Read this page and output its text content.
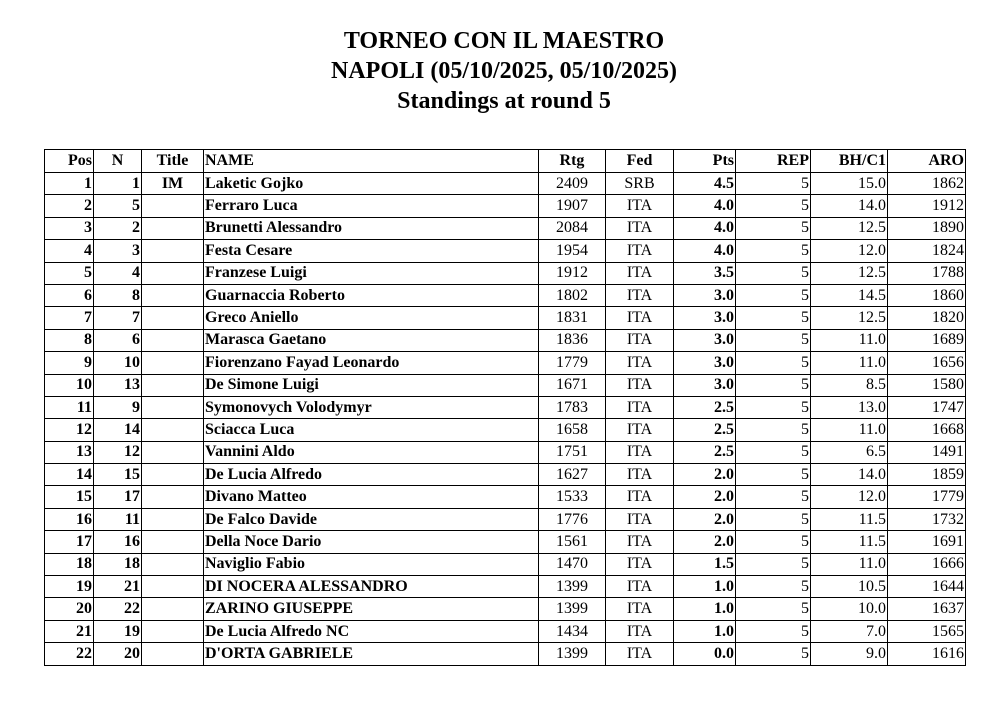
TORNEO CON IL MAESTRO
NAPOLI (05/10/2025, 05/10/2025)
Standings at round 5
Pos	N	Title	NAME	Rtg	Fed	Pts	REP	BH/C1	ARO
1	1	IM	Laketic Gojko	2409	SRB	4.5	5	15.0	1862
2	5		Ferraro Luca	1907	ITA	4.0	5	14.0	1912
3	2		Brunetti Alessandro	2084	ITA	4.0	5	12.5	1890
4	3		Festa Cesare	1954	ITA	4.0	5	12.0	1824
5	4		Franzese Luigi	1912	ITA	3.5	5	12.5	1788
6	8		Guarnaccia Roberto	1802	ITA	3.0	5	14.5	1860
7	7		Greco Aniello	1831	ITA	3.0	5	12.5	1820
8	6		Marasca Gaetano	1836	ITA	3.0	5	11.0	1689
9	10		Fiorenzano Fayad Leonardo	1779	ITA	3.0	5	11.0	1656
10	13		De Simone Luigi	1671	ITA	3.0	5	8.5	1580
11	9		Symonovych Volodymyr	1783	ITA	2.5	5	13.0	1747
12	14		Sciacca Luca	1658	ITA	2.5	5	11.0	1668
13	12		Vannini Aldo	1751	ITA	2.5	5	6.5	1491
14	15		De Lucia Alfredo	1627	ITA	2.0	5	14.0	1859
15	17		Divano Matteo	1533	ITA	2.0	5	12.0	1779
16	11		De Falco Davide	1776	ITA	2.0	5	11.5	1732
17	16		Della Noce Dario	1561	ITA	2.0	5	11.5	1691
18	18		Naviglio Fabio	1470	ITA	1.5	5	11.0	1666
19	21		DI NOCERA ALESSANDRO	1399	ITA	1.0	5	10.5	1644
20	22		ZARINO GIUSEPPE	1399	ITA	1.0	5	10.0	1637
21	19		De Lucia Alfredo NC	1434	ITA	1.0	5	7.0	1565
22	20		D'ORTA GABRIELE	1399	ITA	0.0	5	9.0	1616
